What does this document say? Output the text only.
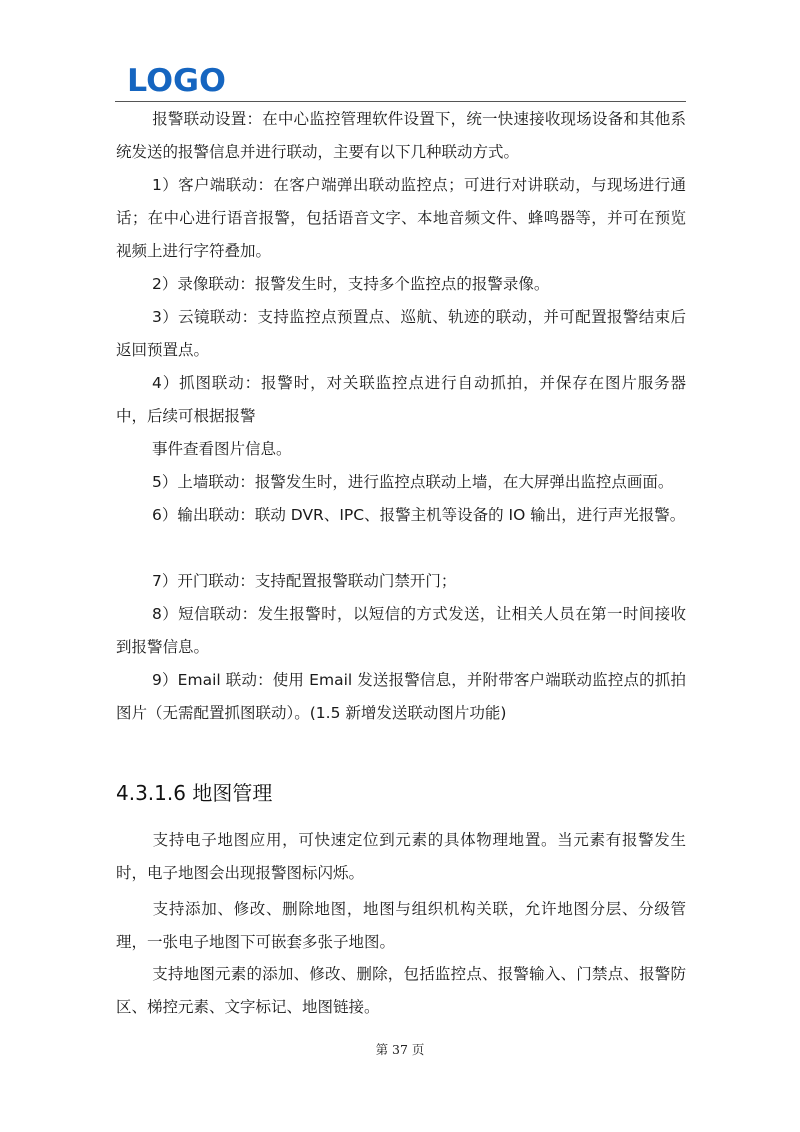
LOGO

报警联动设置：在中心监控管理软件设置下，统一快速接收现场设备和其他系统发送的报警信息并进行联动，主要有以下几种联动方式。

1）客户端联动：在客户端弹出联动监控点；可进行对讲联动，与现场进行通话；在中心进行语音报警，包括语音文字、本地音频文件、蜂鸣器等，并可在预览视频上进行字符叠加。

2）录像联动：报警发生时，支持多个监控点的报警录像。

3）云镜联动：支持监控点预置点、巡航、轨迹的联动，并可配置报警结束后返回预置点。

4）抓图联动：报警时，对关联监控点进行自动抓拍，并保存在图片服务器中，后续可根据报警

事件查看图片信息。

5）上墙联动：报警发生时，进行监控点联动上墙，在大屏弹出监控点画面。

6）输出联动：联动 DVR、IPC、报警主机等设备的 IO 输出，进行声光报警。

7）开门联动：支持配置报警联动门禁开门；

8）短信联动：发生报警时，以短信的方式发送，让相关人员在第一时间接收到报警信息。

9）Email 联动：使用 Email 发送报警信息，并附带客户端联动监控点的抓拍图片（无需配置抓图联动）。(1.5 新增发送联动图片功能)

4.3.1.6 地图管理

支持电子地图应用，可快速定位到元素的具体物理地置。当元素有报警发生时，电子地图会出现报警图标闪烁。

支持添加、修改、删除地图，地图与组织机构关联，允许地图分层、分级管理，一张电子地图下可嵌套多张子地图。

支持地图元素的添加、修改、删除，包括监控点、报警输入、门禁点、报警防区、梯控元素、文字标记、地图链接。

第 37 页
